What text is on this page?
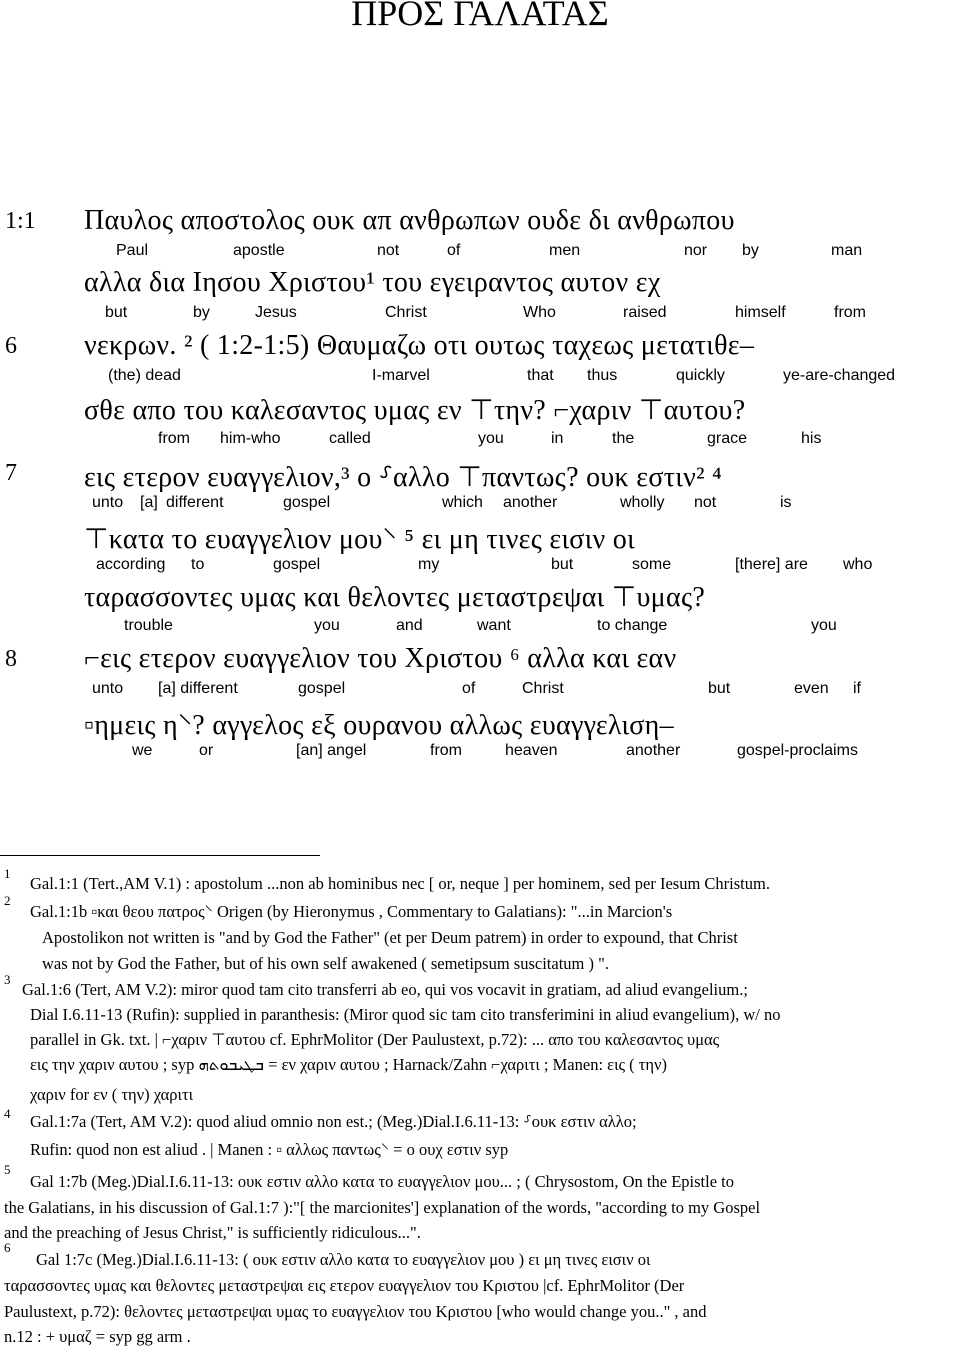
ΠΡΟΣ ΓΑΛΑΤΑΣ
1:1 Παυλος αποστολος ουκ απ ανθρωπων ουδε δι ανθρωπου
Paul	apostle	not	of	men	nor by	man
αλλα δια Ιησου Χριστου¹ του εγειραντος αυτον εχ
but	by	Jesus	Christ	Who	raised	himself	from
6 νεκρων. ² ( 1:2-1:5) Θαυμαζω οτι ουτως ταχεως μετατιθε–
(the) dead	I-marvel	that thus	quickly	ye-are-changed
σθε απο του καλεσαντος υμας εν ⊤την? ⌐χαριν ⊤αυτου?
from him-who	called	you	in	the	grace	his
7 εις ετερον ευαγγελιον,³ ο ⸉αλλο ⊤παντως? ουκ εστιν² ⁴
unto [a] different	gospel	which another	wholly not	is
⊤κατα το ευαγγελιον μου⸌ ⁵ ει μη τινες εισιν οι
according to	gospel	my	but	some	[there] are who
ταρασσοντες υμας και θελοντες μεταστρεψαι ⊤υμας?
trouble	you	and	want	to change	you
8 ⌐εις ετερον ευαγγελιον του Χριστου ⁶ αλλα και εαν
unto [a] different	gospel	of	Christ	but	even if
▫ημεις η⸌? αγγελος εξ ουρανου αλλως ευαγγελιση–
we	or	[an] angel	from	heaven	another	gospel-proclaims
1
Gal.1:1 (Tert.,AM V.1) : apostolum ...non ab hominibus nec [ or, neque ] per hominem, sed per Iesum Christum.
2
Gal.1:1b ▫και θεου πατρος⸌ Origen (by Hieronymus , Commentary to Galatians): "...in Marcion's
Apostolikon not written is "and by God the Father" (et per Deum patrem) in order to expound, that Christ
was not by God the Father, but of his own self awakened ( semetipsum suscitatum ) ".
3
Gal.1:6 (Tert, AM V.2): miror quod tam cito transferri ab eo, qui vos vocavit in gratiam, ad aliud evangelium.;
Dial I.6.11-13 (Rufin): supplied in paranthesis: (Miror quod sic tam cito transferimini in aliud evangelium), w/ no
parallel in Gk. txt. | ⌐χαριν ⊤αυτου cf. EphrMolitor (Der Paulustext, p.72): ... απο του καλεσαντος υμας
εις την χαριν αυτου ; syp ܒܛܝܒܘܬܗ = εν χαριν αυτου ; Harnack/Zahn ⌐χαριτι ; Manen: εις ( την)
χαριν for εν ( την) χαριτι
4 Gal.1:7a (Tert, AM V.2): quod aliud omnio non est.; (Meg.)Dial.I.6.11-13: ⸉ουκ εστιν αλλο;
Rufin: quod non est aliud . | Manen : ▫ αλλως παντως⸌ = ο ουχ εστιν syp
5
Gal 1:7b (Meg.)Dial.I.6.11-13: ουκ εστιν αλλο κατα το ευαγγελιον μου... ; ( Chrysostom, On the Epistle to
the Galatians, in his discussion of Gal.1:7 ):"[ the marcionites'] explanation of the words, "according to my Gospel
and the preaching of Jesus Christ," is sufficiently ridiculous...".
6
Gal 1:7c (Meg.)Dial.I.6.11-13: ( ουκ εστιν αλλο κατα το ευαγγελιον μου ) ει μη τινες εισιν οι
ταρασσοντες υμας και θελοντες μεταστρεψαι εις ετερον ευαγγελιον του Κριστου |cf. EphrMolitor (Der
Paulustext, p.72): θελοντες μεταστρεψαι υμας το ευαγγελιον του Κριστου [who would change you.." , and
n.12 : + υμαζ = syp gg arm .
